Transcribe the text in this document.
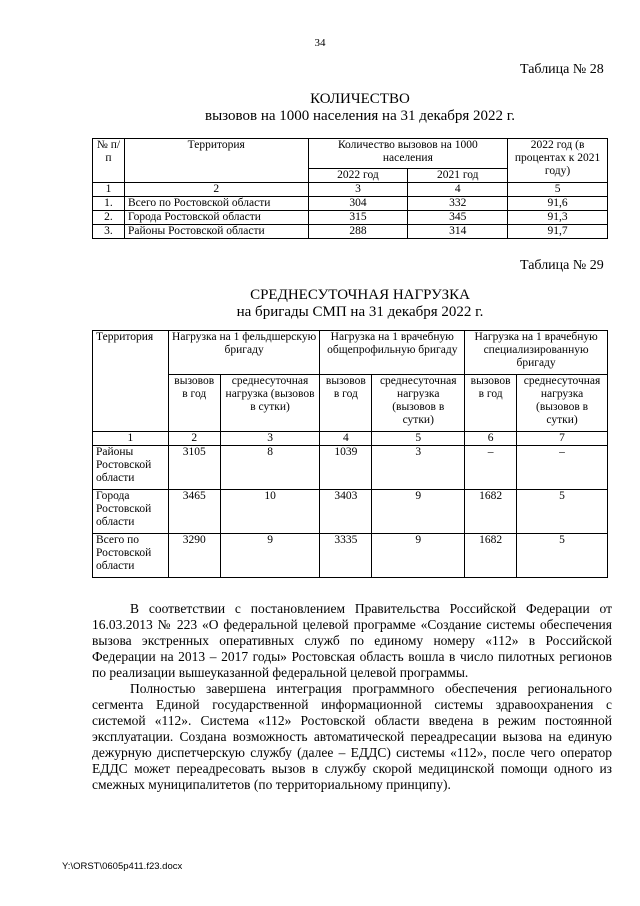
34
Таблица № 28
КОЛИЧЕСТВО
вызовов на 1000 населения на 31 декабря 2022 г.
№ п/п	Территория	Количество вызовов на 1000 населения		2022 год (в процентах к 2021 году)
		2022 год	2021 год	
1	2	3	4	5
1.	Всего по Ростовской области	304	332	91,6
2.	Города Ростовской области	315	345	91,3
3.	Районы Ростовской области	288	314	91,7
Таблица № 29
СРЕДНЕСУТОЧНАЯ НАГРУЗКА
на бригады СМП на 31 декабря 2022 г.
Территория	Нагрузка на 1 фельдшерскую бригаду		Нагрузка на 1 врачебную общепрофильную бригаду		Нагрузка на 1 врачебную специализированную бригаду	
	вызовов в год	среднесуточная нагрузка (вызовов в сутки)	вызовов в год	среднесуточная нагрузка (вызовов в сутки)	вызовов в год	среднесуточная нагрузка (вызовов в сутки)
1	2	3	4	5	6	7
Районы Ростовской области	3105	8	1039	3	–	–
Города Ростовской области	3465	10	3403	9	1682	5
Всего по Ростовской области	3290	9	3335	9	1682	5

В соответствии с постановлением Правительства Российской Федерации от 16.03.2013 № 223 «О федеральной целевой программе «Создание системы обеспечения вызова экстренных оперативных служб по единому номеру «112» в Российской Федерации на 2013 – 2017 годы» Ростовская область вошла в число пилотных регионов по реализации вышеуказанной федеральной целевой программы.

Полностью завершена интеграция программного обеспечения регионального сегмента Единой государственной информационной системы здравоохранения с системой «112». Система «112» Ростовской области введена в режим постоянной эксплуатации. Создана возможность автоматической переадресации вызова на единую дежурную диспетчерскую службу (далее – ЕДДС) системы «112», после чего оператор ЕДДС может переадресовать вызов в службу скорой медицинской помощи одного из смежных муниципалитетов (по территориальному принципу).

Y:\ORST\0605p411.f23.docx
